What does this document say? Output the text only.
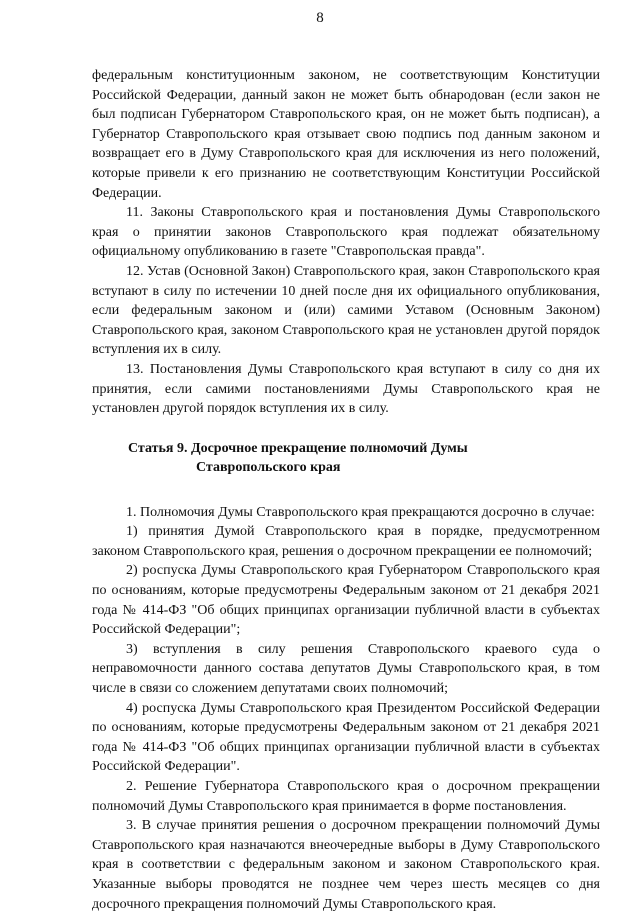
8

федеральным конституционным законом, не соответствующим Конституции Российской Федерации, данный закон не может быть обнародован (если закон не был подписан Губернатором Ставропольского края, он не может быть подписан), а Губернатор Ставропольского края отзывает свою подпись под данным законом и возвращает его в Думу Ставропольского края для исключения из него положений, которые привели к его признанию не соответствующим Конституции Российской Федерации.

11. Законы Ставропольского края и постановления Думы Ставропольского края о принятии законов Ставропольского края подлежат обязательному официальному опубликованию в газете "Ставропольская правда".

12. Устав (Основной Закон) Ставропольского края, закон Ставропольского края вступают в силу по истечении 10 дней после дня их официального опубликования, если федеральным законом и (или) самими Уставом (Основным Законом) Ставропольского края, законом Ставропольского края не установлен другой порядок вступления их в силу.

13. Постановления Думы Ставропольского края вступают в силу со дня их принятия, если самими постановлениями Думы Ставропольского края не установлен другой порядок вступления их в силу.

Статья 9. Досрочное прекращение полномочий Думы

Ставропольского края

1. Полномочия Думы Ставропольского края прекращаются досрочно в случае:

1) принятия Думой Ставропольского края в порядке, предусмотренном законом Ставропольского края, решения о досрочном прекращении ее полномочий;

2) роспуска Думы Ставропольского края Губернатором Ставропольского края по основаниям, которые предусмотрены Федеральным законом от 21 декабря 2021 года № 414-ФЗ "Об общих принципах организации публичной власти в субъектах Российской Федерации";

3) вступления в силу решения Ставропольского краевого суда о неправомочности данного состава депутатов Думы Ставропольского края, в том числе в связи со сложением депутатами своих полномочий;

4) роспуска Думы Ставропольского края Президентом Российской Федерации по основаниям, которые предусмотрены Федеральным законом от 21 декабря 2021 года № 414-ФЗ "Об общих принципах организации публичной власти в субъектах Российской Федерации".

2. Решение Губернатора Ставропольского края о досрочном прекращении полномочий Думы Ставропольского края принимается в форме постановления.

3. В случае принятия решения о досрочном прекращении полномочий Думы Ставропольского края назначаются внеочередные выборы в Думу Ставропольского края в соответствии с федеральным законом и законом Ставропольского края. Указанные выборы проводятся не позднее чем через шесть месяцев со дня досрочного прекращения полномочий Думы Ставропольского края.
